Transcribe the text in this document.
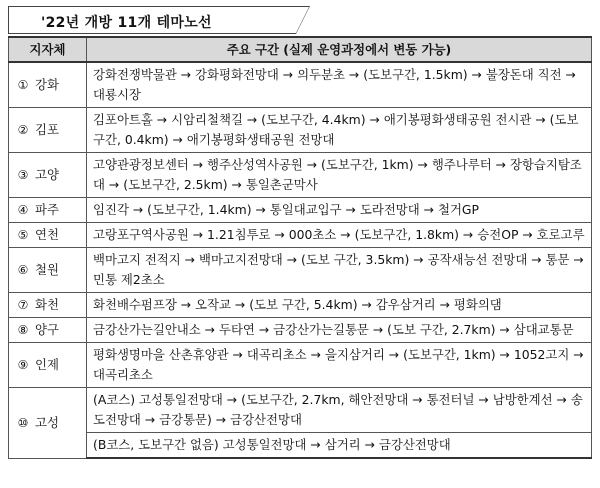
'22년 개방 11개 테마노선
지자체	주요 구간 (실제 운영과정에서 변동 가능)
① 강화	강화전쟁박물관 → 강화평화전망대 → 의두분초 → (도보구간, 1.5km) → 불장돈대 직전 → 대룡시장
② 김포	김포아트홀 → 시암리철책길 → (도보구간, 4.4km) → 애기봉평화생태공원 전시관 → (도보구간, 0.4km) → 애기봉평화생태공원 전망대
③ 고양	고양관광정보센터 → 행주산성역사공원 → (도보구간, 1km) → 행주나루터 → 장항습지탐조대 → (도보구간, 2.5km) → 통일촌군막사
④ 파주	임진각 → (도보구간, 1.4km) → 통일대교입구 → 도라전망대 → 철거GP
⑤ 연천	고랑포구역사공원 → 1.21침투로 → 000초소 → (도보구간, 1.8km) → 승전OP → 호로고루
⑥ 철원	백마고지 전적지 → 백마고지전망대 → (도보 구간, 3.5km) → 공작새능선 전망대 → 통문 → 민통 제2초소
⑦ 화천	화천배수펌프장 → 오작교 → (도보 구간, 5.4km) → 감우삼거리 → 평화의댐
⑧ 양구	금강산가는길안내소 → 두타연 → 금강산가는길통문 → (도보 구간, 2.7km) → 삼대교통문
⑨ 인제	평화생명마을 산촌휴양관 → 대곡리초소 → 을지삼거리 → (도보구간, 1km) → 1052고지 → 대곡리초소
⑩ 고성	(A코스) 고성통일전망대 → (도보구간, 2.7km, 해안전망대 → 통전터널 → 남방한계선 → 송도전망대 → 금강통문) → 금강산전망대
	(B코스, 도보구간 없음) 고성통일전망대 → 삼거리 → 금강산전망대
